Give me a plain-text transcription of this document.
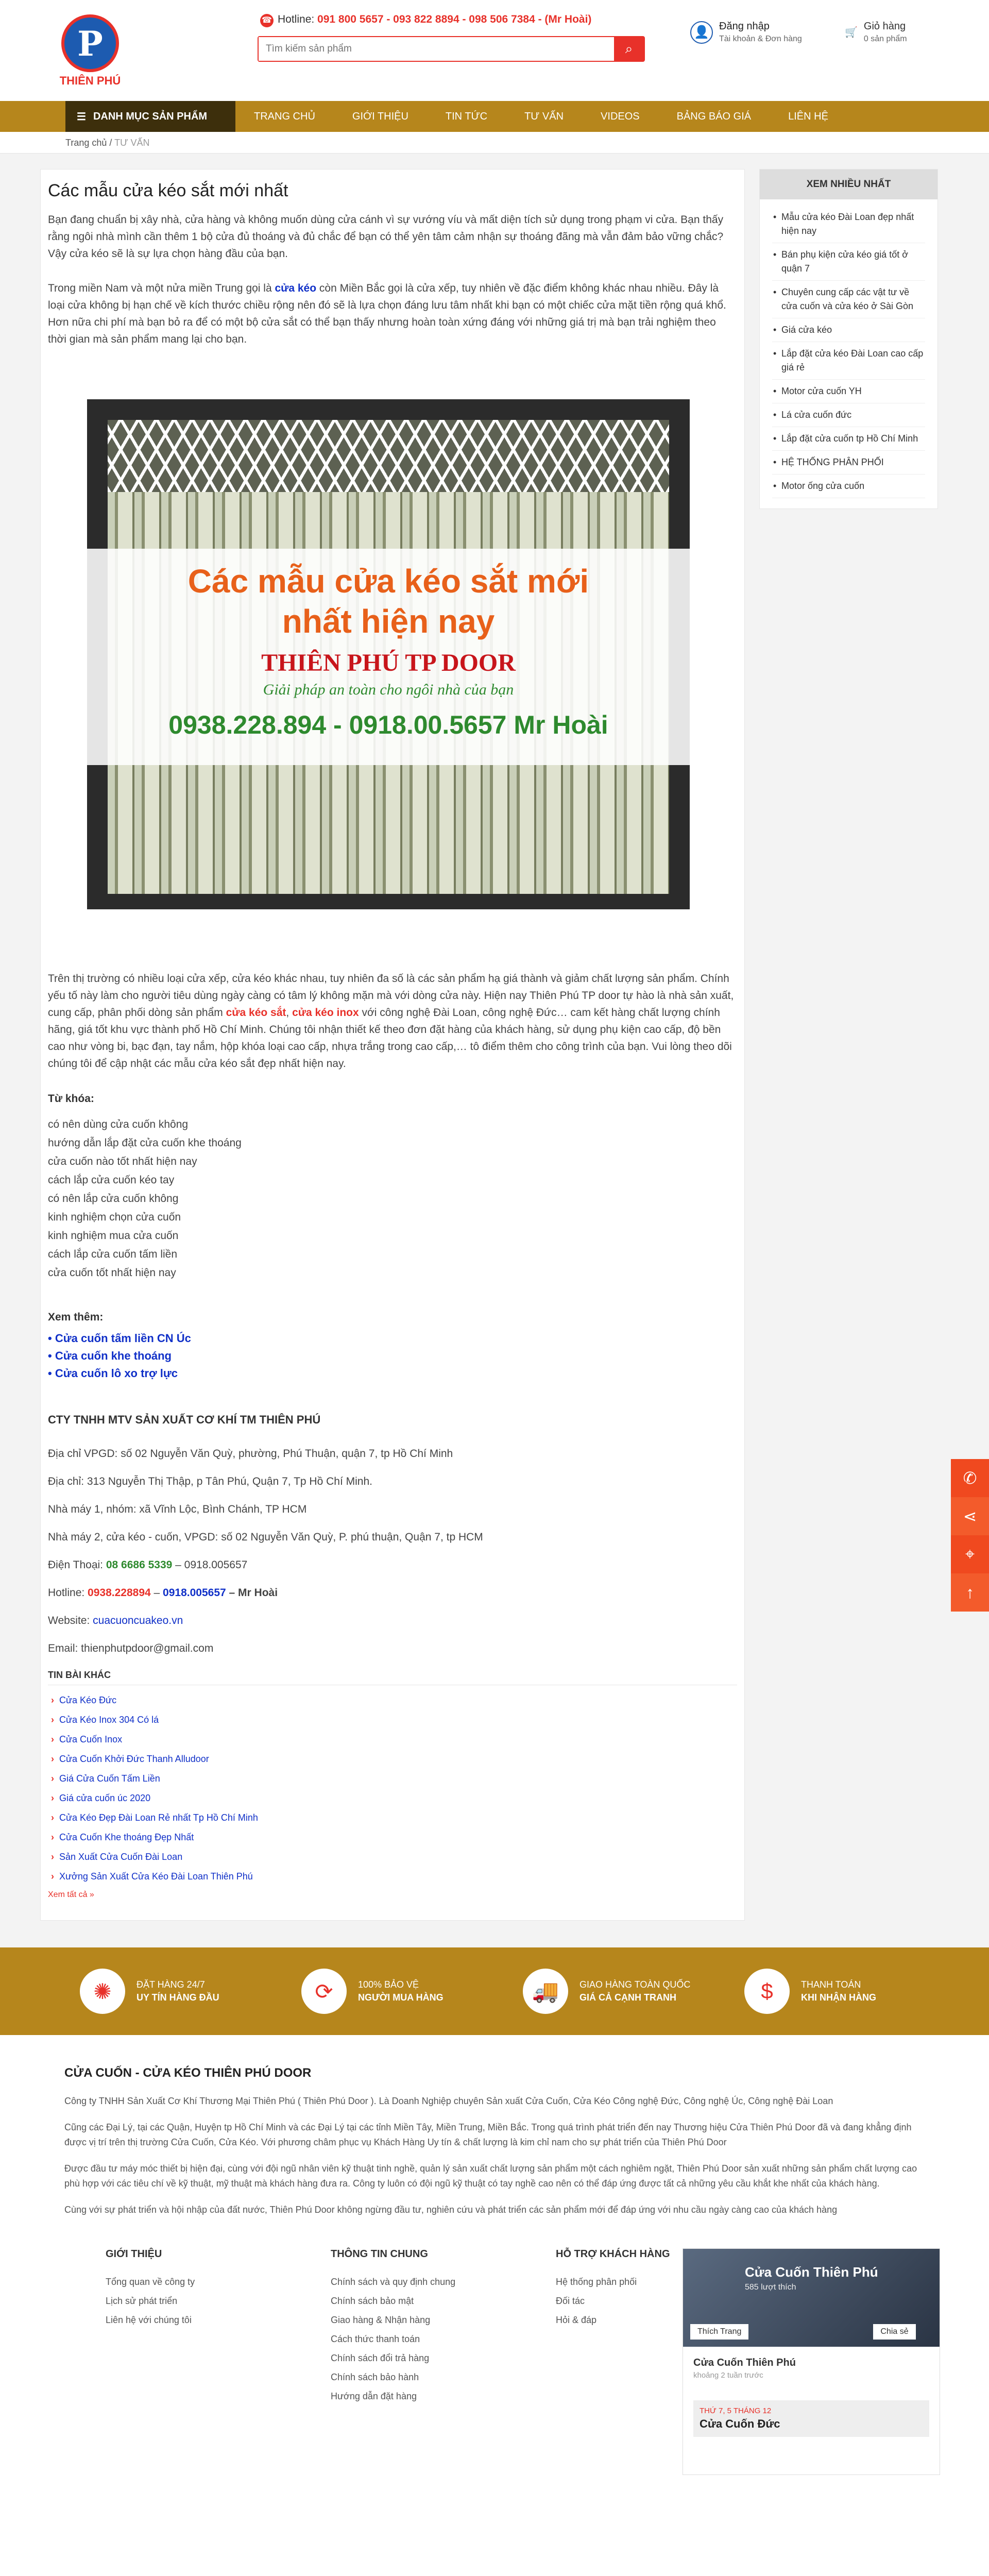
P
THIÊN PHÚ
☎ Hotline: 091 800 5657 - 093 822 8894 - 098 506 7384 - (Mr Hoài)
Tìm kiếm sản phẩm
⌕
👤 Đăng nhập
Tài khoản & Đơn hàng
🛒
Giỏ hàng
0 sản phẩm
☰ DANH MỤC SẢN PHẨM	TRANG CHỦ	GIỚI THIỆU	TIN TỨC	TƯ VẤN	VIDEOS	BẢNG BÁO GIÁ	LIÊN HỆ
Trang chủ / TƯ VẤN
Các mẫu cửa kéo sắt mới nhất

Bạn đang chuẩn bị xây nhà, cửa hàng và không muốn dùng cửa cánh vì sự vướng víu và mất diện tích sử dụng trong phạm vi cửa. Bạn thấy rằng ngôi nhà mình cần thêm 1 bộ cửa đủ thoáng và đủ chắc để bạn có thể yên tâm cảm nhận sự thoáng đãng mà vẫn đảm bảo vững chắc? Vậy cửa kéo sẽ là sự lựa chọn hàng đầu của bạn.

Trong miền Nam và một nửa miền Trung gọi là cửa kéo còn Miền Bắc gọi là cửa xếp, tuy nhiên về đặc điểm không khác nhau nhiều. Đây là loại cửa không bị hạn chế về kích thước chiều rộng nên đó sẽ là lựa chọn đáng lưu tâm nhất khi bạn có một chiếc cửa mặt tiền rộng quá khổ. Hơn nữa chi phí mà bạn bỏ ra để có một bộ cửa sắt có thể bạn thấy nhưng hoàn toàn xứng đáng với những giá trị mà bạn trải nghiệm theo thời gian mà sản phẩm mang lại cho bạn.

Các mẫu cửa kéo sắt mới
nhất hiện nay
THIÊN PHÚ TP DOOR
Giải pháp an toàn cho ngôi nhà của bạn
0938.228.894 - 0918.00.5657 Mr Hoài

Trên thị trường có nhiều loại cửa xếp, cửa kéo khác nhau, tuy nhiên đa số là các sản phẩm hạ giá thành và giảm chất lượng sản phẩm. Chính yếu tố này làm cho người tiêu dùng ngày càng có tâm lý không mặn mà với dòng cửa này. Hiện nay Thiên Phú TP door tự hào là nhà sản xuất, cung cấp, phân phối dòng sản phẩm cửa kéo sắt, cửa kéo inox với công nghệ Đài Loan, công nghệ Đức… cam kết hàng chất lượng chính hãng, giá tốt khu vực thành phố Hồ Chí Minh. Chúng tôi nhận thiết kế theo đơn đặt hàng của khách hàng, sử dụng phụ kiện cao cấp, độ bền cao như vòng bi, bạc đạn, tay nắm, hộp khóa loại cao cấp, nhựa trắng trong cao cấp,… tô điểm thêm cho công trình của bạn. Vui lòng theo dõi chúng tôi để cập nhật các mẫu cửa kéo sắt đẹp nhất hiện nay.

Từ khóa:
có nên dùng cửa cuốn không
hướng dẫn lắp đặt cửa cuốn khe thoáng
cửa cuốn nào tốt nhất hiện nay
cách lắp cửa cuốn kéo tay
có nên lắp cửa cuốn không
kinh nghiệm chọn cửa cuốn
kinh nghiệm mua cửa cuốn
cách lắp cửa cuốn tấm liền
cửa cuốn tốt nhất hiện nay
Xem thêm:
• Cửa cuốn tấm liền CN Úc
• Cửa cuốn khe thoáng
• Cửa cuốn lô xo trợ lực
CTY TNHH MTV SẢN XUẤT CƠ KHÍ TM THIÊN PHÚ
Địa chỉ VPGD: số 02 Nguyễn Văn Quỳ, phường, Phú Thuận, quận 7, tp Hồ Chí Minh
Địa chỉ: 313 Nguyễn Thị Thập, p Tân Phú, Quận 7, Tp Hồ Chí Minh.
Nhà máy 1, nhóm: xã Vĩnh Lộc, Bình Chánh, TP HCM
Nhà máy 2, cửa kéo - cuốn, VPGD: số 02 Nguyễn Văn Quỳ, P. phú thuận, Quận 7, tp HCM
Điện Thoại: 08 6686 5339 – 0918.005657
Hotline: 0938.228894 – 0918.005657 – Mr Hoài
Website: cuacuoncuakeo.vn
Email: thienphutpdoor@gmail.com
TIN BÀI KHÁC
› Cửa Kéo Đức
› Cửa Kéo Inox 304 Có lá
› Cửa Cuốn Inox
› Cửa Cuốn Khởi Đức Thanh Alludoor
› Giá Cửa Cuốn Tấm Liền
› Giá cửa cuốn úc 2020
› Cửa Kéo Đẹp Đài Loan Rẻ nhất Tp Hồ Chí Minh
› Cửa Cuốn Khe thoáng Đẹp Nhất
› Sản Xuất Cửa Cuốn Đài Loan
› Xưởng Sản Xuất Cửa Kéo Đài Loan Thiên Phú
Xem tất cả »
XEM NHIỀU NHẤT
• Mẫu cửa kéo Đài Loan đẹp nhất hiện nay
• Bán phụ kiện cửa kéo giá tốt ở quận 7
• Chuyên cung cấp các vật tư về cửa cuốn và cửa kéo ở Sài Gòn
• Giá cửa kéo
• Lắp đặt cửa kéo Đài Loan cao cấp giá rẻ
• Motor cửa cuốn YH
• Lá cửa cuốn đức
• Lắp đặt cửa cuốn tp Hồ Chí Minh
• HỆ THỐNG PHÂN PHỐI
• Motor ống cửa cuốn
✺	ĐẶT HÀNG 24/7
UY TÍN HÀNG ĐẦU	⟳	100% BẢO VỆ
NGƯỜI MUA HÀNG	🚚	GIAO HÀNG TOÀN QUỐC
GIÁ CẢ CẠNH TRANH	$	THANH TOÁN
KHI NHẬN HÀNG
CỬA CUỐN - CỬA KÉO THIÊN PHÚ DOOR

Công ty TNHH Sản Xuất Cơ Khí Thương Mại Thiên Phú ( Thiên Phú Door ). Là Doanh Nghiệp chuyên Sản xuất Cửa Cuốn, Cửa Kéo Công nghệ Đức, Công nghệ Úc, Công nghệ Đài Loan

Cũng các Đại Lý, tại các Quận, Huyện tp Hồ Chí Minh và các Đại Lý tại các tỉnh Miền Tây, Miền Trung, Miền Bắc. Trong quá trình phát triển đến nay Thương hiệu Cửa Thiên Phú Door đã và đang khẳng định được vị trí trên thị trường Cửa Cuốn, Cửa Kéo. Với phương châm phục vụ Khách Hàng Uy tín & chất lượng là kim chỉ nam cho sự phát triển của Thiên Phú Door

Được đầu tư máy móc thiết bị hiện đại, cùng với đội ngũ nhân viên kỹ thuật tinh nghề, quản lý sản xuất chất lượng sản phẩm một cách nghiêm ngặt, Thiên Phú Door sản xuất những sản phẩm chất lượng cao phù hợp với các tiêu chí về kỹ thuật, mỹ thuật mà khách hàng đưa ra. Công ty luôn có đội ngũ kỹ thuật có tay nghề cao nên có thể đáp ứng được tất cả những yêu cầu khắt khe nhất của khách hàng.

Cùng với sự phát triển và hội nhập của đất nước, Thiên Phú Door không ngừng đầu tư, nghiên cứu và phát triển các sản phẩm mới để đáp ứng với nhu cầu ngày càng cao của khách hàng

GIỚI THIỆU
Tổng quan về công ty
Lịch sử phát triển
Liên hệ với chúng tôi
THÔNG TIN CHUNG
Chính sách và quy định chung
Chính sách bảo mật
Giao hàng & Nhận hàng
Cách thức thanh toán
Chính sách đổi trả hàng
Chính sách bảo hành
Hướng dẫn đặt hàng
HỖ TRỢ KHÁCH HÀNG
Hệ thống phân phối
Đối tác
Hỏi & đáp
Cửa Cuốn Thiên Phú
585 lượt thích
Thích Trang	Chia sẻ
Cửa Cuốn Thiên Phú
khoảng 2 tuần trước
THỨ 7, 5 THÁNG 12
Cửa Cuốn Đức
✆
⋖
⌖
↑
